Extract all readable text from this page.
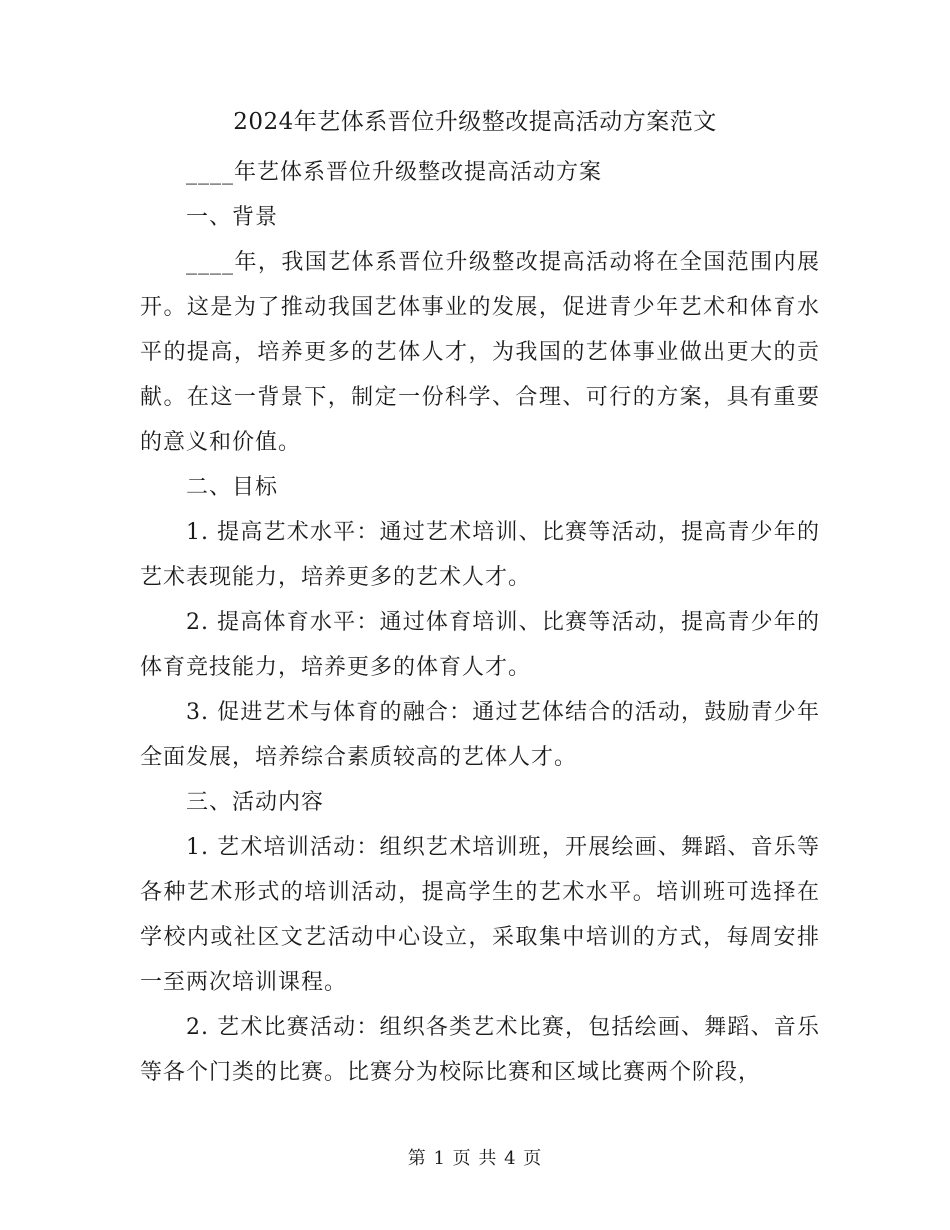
2024年艺体系晋位升级整改提高活动方案范文

____年艺体系晋位升级整改提高活动方案

一、背景

____年，我国艺体系晋位升级整改提高活动将在全国范围内展开。这是为了推动我国艺体事业的发展，促进青少年艺术和体育水平的提高，培养更多的艺体人才，为我国的艺体事业做出更大的贡献。在这一背景下，制定一份科学、合理、可行的方案，具有重要的意义和价值。

二、目标

1. 提高艺术水平：通过艺术培训、比赛等活动，提高青少年的艺术表现能力，培养更多的艺术人才。

2. 提高体育水平：通过体育培训、比赛等活动，提高青少年的体育竞技能力，培养更多的体育人才。

3. 促进艺术与体育的融合：通过艺体结合的活动，鼓励青少年全面发展，培养综合素质较高的艺体人才。

三、活动内容

1. 艺术培训活动：组织艺术培训班，开展绘画、舞蹈、音乐等各种艺术形式的培训活动，提高学生的艺术水平。培训班可选择在学校内或社区文艺活动中心设立，采取集中培训的方式，每周安排一至两次培训课程。

2. 艺术比赛活动：组织各类艺术比赛，包括绘画、舞蹈、音乐等各个门类的比赛。比赛分为校际比赛和区域比赛两个阶段，

第 1 页 共 4 页
